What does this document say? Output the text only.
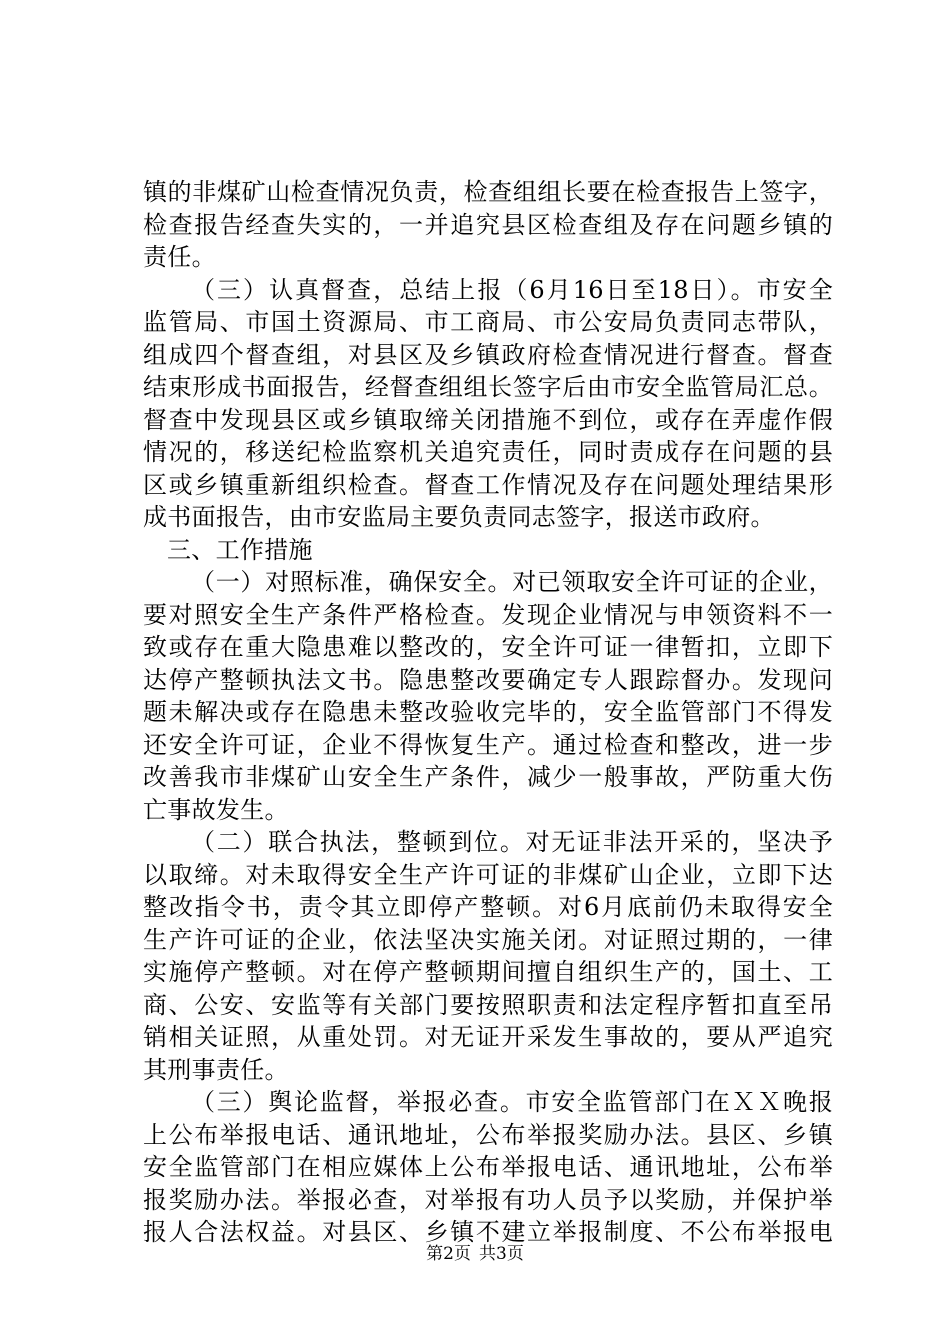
镇的非煤矿山检查情况负责，检查组组长要在检查报告上签字，
检查报告经查失实的，一并追究县区检查组及存在问题乡镇的
责任。
（三）认真督查，总结上报（6月16日至18日）。市安全
监管局、市国土资源局、市工商局、市公安局负责同志带队，
组成四个督查组，对县区及乡镇政府检查情况进行督查。督查
结束形成书面报告，经督查组组长签字后由市安全监管局汇总。
督查中发现县区或乡镇取缔关闭措施不到位，或存在弄虚作假
情况的，移送纪检监察机关追究责任，同时责成存在问题的县
区或乡镇重新组织检查。督查工作情况及存在问题处理结果形
成书面报告，由市安监局主要负责同志签字，报送市政府。
三、工作措施
（一）对照标准，确保安全。对已领取安全许可证的企业，
要对照安全生产条件严格检查。发现企业情况与申领资料不一
致或存在重大隐患难以整改的，安全许可证一律暂扣，立即下
达停产整顿执法文书。隐患整改要确定专人跟踪督办。发现问
题未解决或存在隐患未整改验收完毕的，安全监管部门不得发
还安全许可证，企业不得恢复生产。通过检查和整改，进一步
改善我市非煤矿山安全生产条件，减少一般事故，严防重大伤
亡事故发生。
（二）联合执法，整顿到位。对无证非法开采的，坚决予
以取缔。对未取得安全生产许可证的非煤矿山企业，立即下达
整改指令书，责令其立即停产整顿。对6月底前仍未取得安全
生产许可证的企业，依法坚决实施关闭。对证照过期的，一律
实施停产整顿。对在停产整顿期间擅自组织生产的，国土、工
商、公安、安监等有关部门要按照职责和法定程序暂扣直至吊
销相关证照，从重处罚。对无证开采发生事故的，要从严追究
其刑事责任。
（三）舆论监督，举报必查。市安全监管部门在ＸＸ晚报
上公布举报电话、通讯地址，公布举报奖励办法。县区、乡镇
安全监管部门在相应媒体上公布举报电话、通讯地址，公布举
报奖励办法。举报必查，对举报有功人员予以奖励，并保护举
报人合法权益。对县区、乡镇不建立举报制度、不公布举报电
第2页 共3页
